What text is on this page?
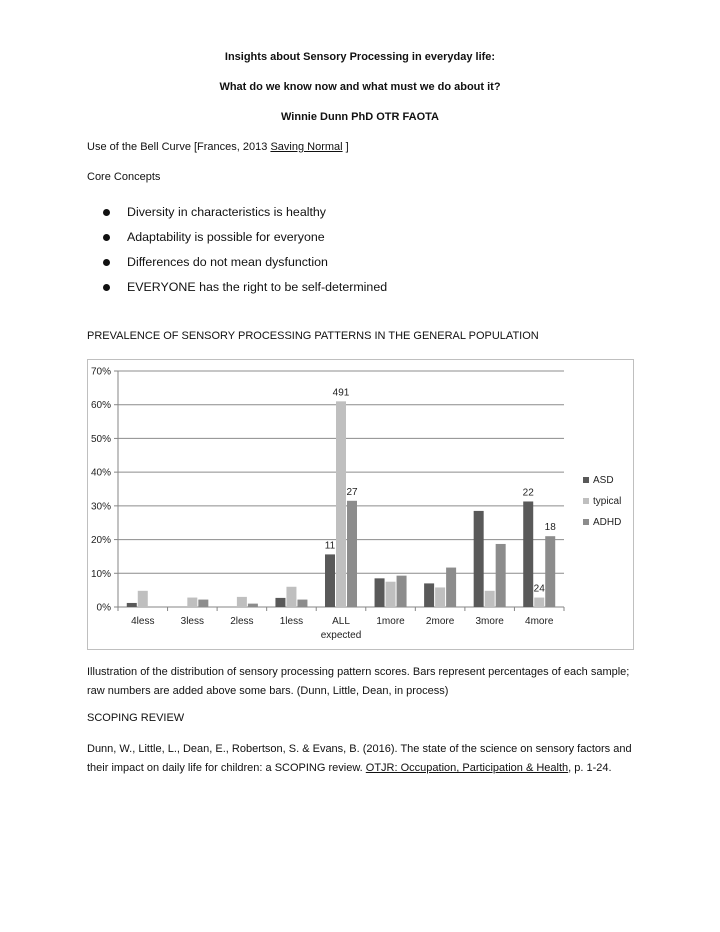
Insights about Sensory Processing in everyday life:
What do we know now and what must we do about it?
Winnie Dunn PhD OTR FAOTA

Use of the Bell Curve [Frances, 2013 Saving Normal ]

Core Concepts

Diversity in characteristics is healthy
Adaptability is possible for everyone
Differences do not mean dysfunction
EVERYONE has the right to be self-determined

PREVALENCE OF SENSORY PROCESSING PATTERNS IN THE GENERAL POPULATION

0%
10%
20%
30%
40%
50%
60%
70%
4less	3less	2less	1less	ALL
expected
1more 2more 3more 4more
491
27
11
22
18
24
ASD
typical
ADHD

Illustration of the distribution of sensory processing pattern scores. Bars represent percentages of each sample; raw numbers are added above some bars. (Dunn, Little, Dean, in process)

SCOPING REVIEW

Dunn, W., Little, L., Dean, E., Robertson, S. & Evans, B. (2016). The state of the science on sensory factors and their impact on daily life for children: a SCOPING review. OTJR: Occupation, Participation & Health, p. 1-24.
